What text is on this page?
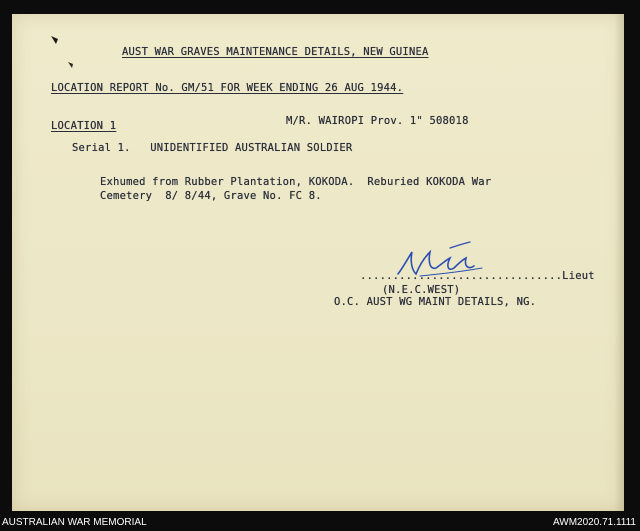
AUST WAR GRAVES MAINTENANCE DETAILS, NEW GUINEA
LOCATION REPORT No. GM/51 FOR WEEK ENDING 26 AUG 1944.
LOCATION 1	M/R. WAIROPI Prov. 1" 508018
Serial 1.   UNIDENTIFIED AUSTRALIAN SOLDIER
Exhumed from Rubber Plantation, KOKODA.  Reburied KOKODA War
Cemetery  8/ 8/44, Grave No. FC 8.
...............................Lieut
(N.E.C.WEST)
O.C. AUST WG MAINT DETAILS, NG.
AUSTRALIAN WAR MEMORIAL	AWM2020.71.1111
